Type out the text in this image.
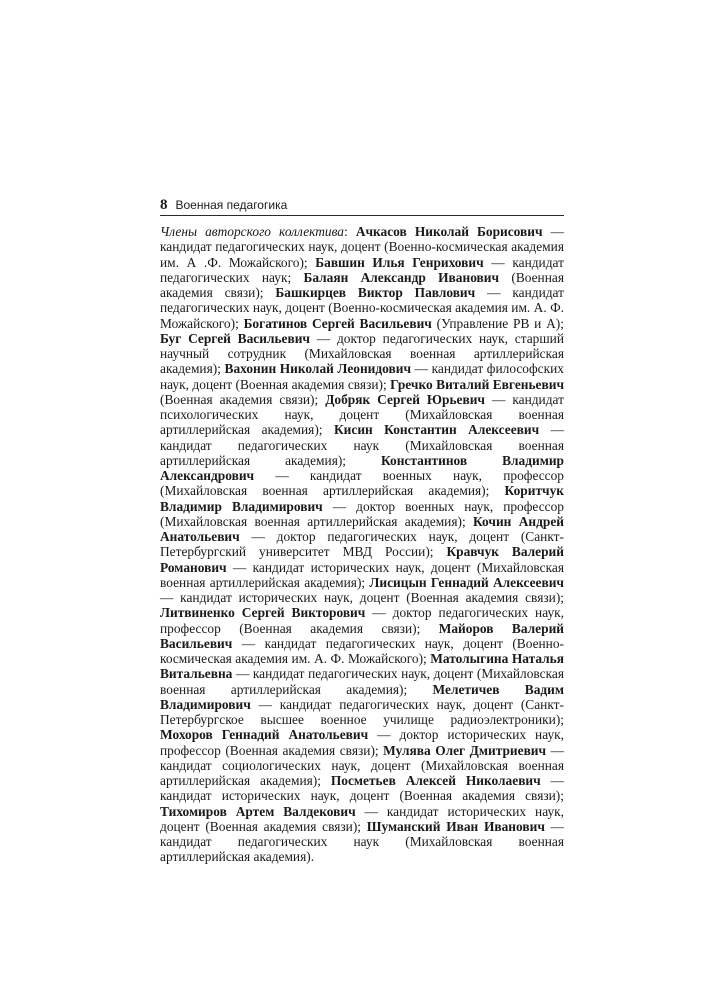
8 Военная педагогика

Члены авторского коллектива: Ачкасов Николай Борисович — кандидат педагогических наук, доцент (Военно-космическая академия им. А .Ф. Можайского); Бавшин Илья Генрихович — кандидат педагогических наук; Балаян Александр Иванович (Военная академия связи); Башкирцев Виктор Павлович — кандидат педагогических наук, доцент (Военно-космическая академия им. А. Ф. Можайского); Богатинов Сергей Васильевич (Управление РВ и А); Буг Сергей Васильевич — доктор педагогических наук, старший научный сотрудник (Михайловская военная артиллерийская академия); Вахонин Николай Леонидович — кандидат философских наук, доцент (Военная академия связи); Гречко Виталий Евгеньевич (Военная академия связи); Добряк Сергей Юрьевич — кандидат психологических наук, доцент (Михайловская военная артиллерийская академия); Кисин Константин Алексеевич — кандидат педагогических наук (Михайловская военная артиллерийская академия); Константинов Владимир Александрович — кандидат военных наук, профессор (Михайловская военная артиллерийская академия); Коритчук Владимир Владимирович — доктор военных наук, профессор (Михайловская военная артиллерийская академия); Кочин Андрей Анатольевич — доктор педагогических наук, доцент (Санкт-Петербургский университет МВД России); Кравчук Валерий Романович — кандидат исторических наук, доцент (Михайловская военная артиллерийская академия); Лисицын Геннадий Алексеевич — кандидат исторических наук, доцент (Военная академия связи); Литвиненко Сергей Викторович — доктор педагогических наук, профессор (Военная академия связи); Майоров Валерий Васильевич — кандидат педагогических наук, доцент (Военно-космическая академия им. А. Ф. Можайского); Матолыгина Наталья Витальевна — кандидат педагогических наук, доцент (Михайловская военная артиллерийская академия); Мелетичев Вадим Владимирович — кандидат педагогических наук, доцент (Санкт-Петербургское высшее военное училище радиоэлектроники); Мохоров Геннадий Анатольевич — доктор исторических наук, профессор (Военная академия связи); Мулява Олег Дмитриевич — кандидат социологических наук, доцент (Михайловская военная артиллерийская академия); Посметьев Алексей Николаевич — кандидат исторических наук, доцент (Военная академия связи); Тихомиров Артем Валдекович — кандидат исторических наук, доцент (Военная академия связи); Шуманский Иван Иванович — кандидат педагогических наук (Михайловская военная артиллерийская академия).
